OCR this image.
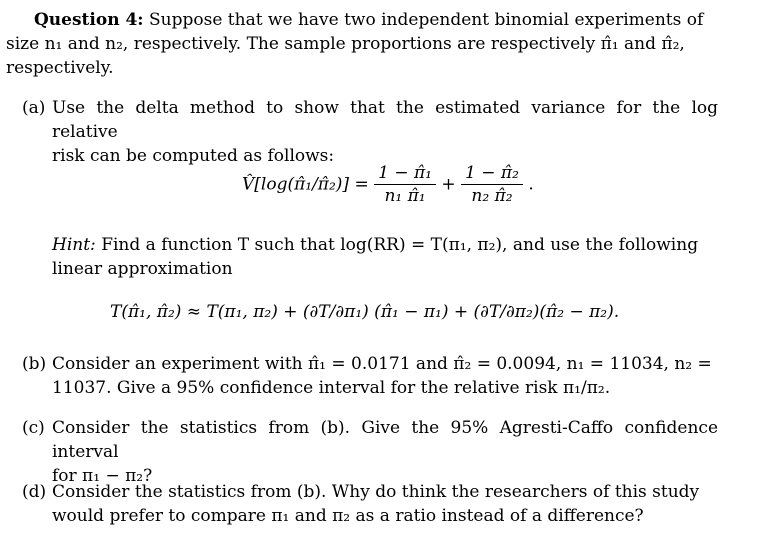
Question 4: Suppose that we have two independent binomial experiments of

size n₁ and n₂, respectively. The sample proportions are respectively π̂₁ and π̂₂,

respectively.

(a) Use the delta method to show that the estimated variance for the log relative

risk can be computed as follows:

V̂[log(π̂₁/π̂₂)] = $\frac{\text{1 − π̂₁}}{\text{n₁ π̂₁}} + \frac{\text{1 − π̂₂}}{\text{n₂ π̂₂}}$ .

Hint: Find a function T such that log(RR) = T(π₁, π₂), and use the following

linear approximation

T(π̂₁, π̂₂) ≈ T(π₁, π₂) + (∂T/∂π₁) (π̂₁ − π₁) + (∂T/∂π₂)(π̂₂ − π₂).
(b) Consider an experiment with π̂₁ = 0.0171 and π̂₂ = 0.0094, n₁ = 11034, n₂ =

11037. Give a 95% confidence interval for the relative risk π₁/π₂.

(c) Consider the statistics from (b). Give the 95% Agresti-Caffo confidence interval

for π₁ − π₂?

(d) Consider the statistics from (b). Why do think the researchers of this study

would prefer to compare π₁ and π₂ as a ratio instead of a difference?
